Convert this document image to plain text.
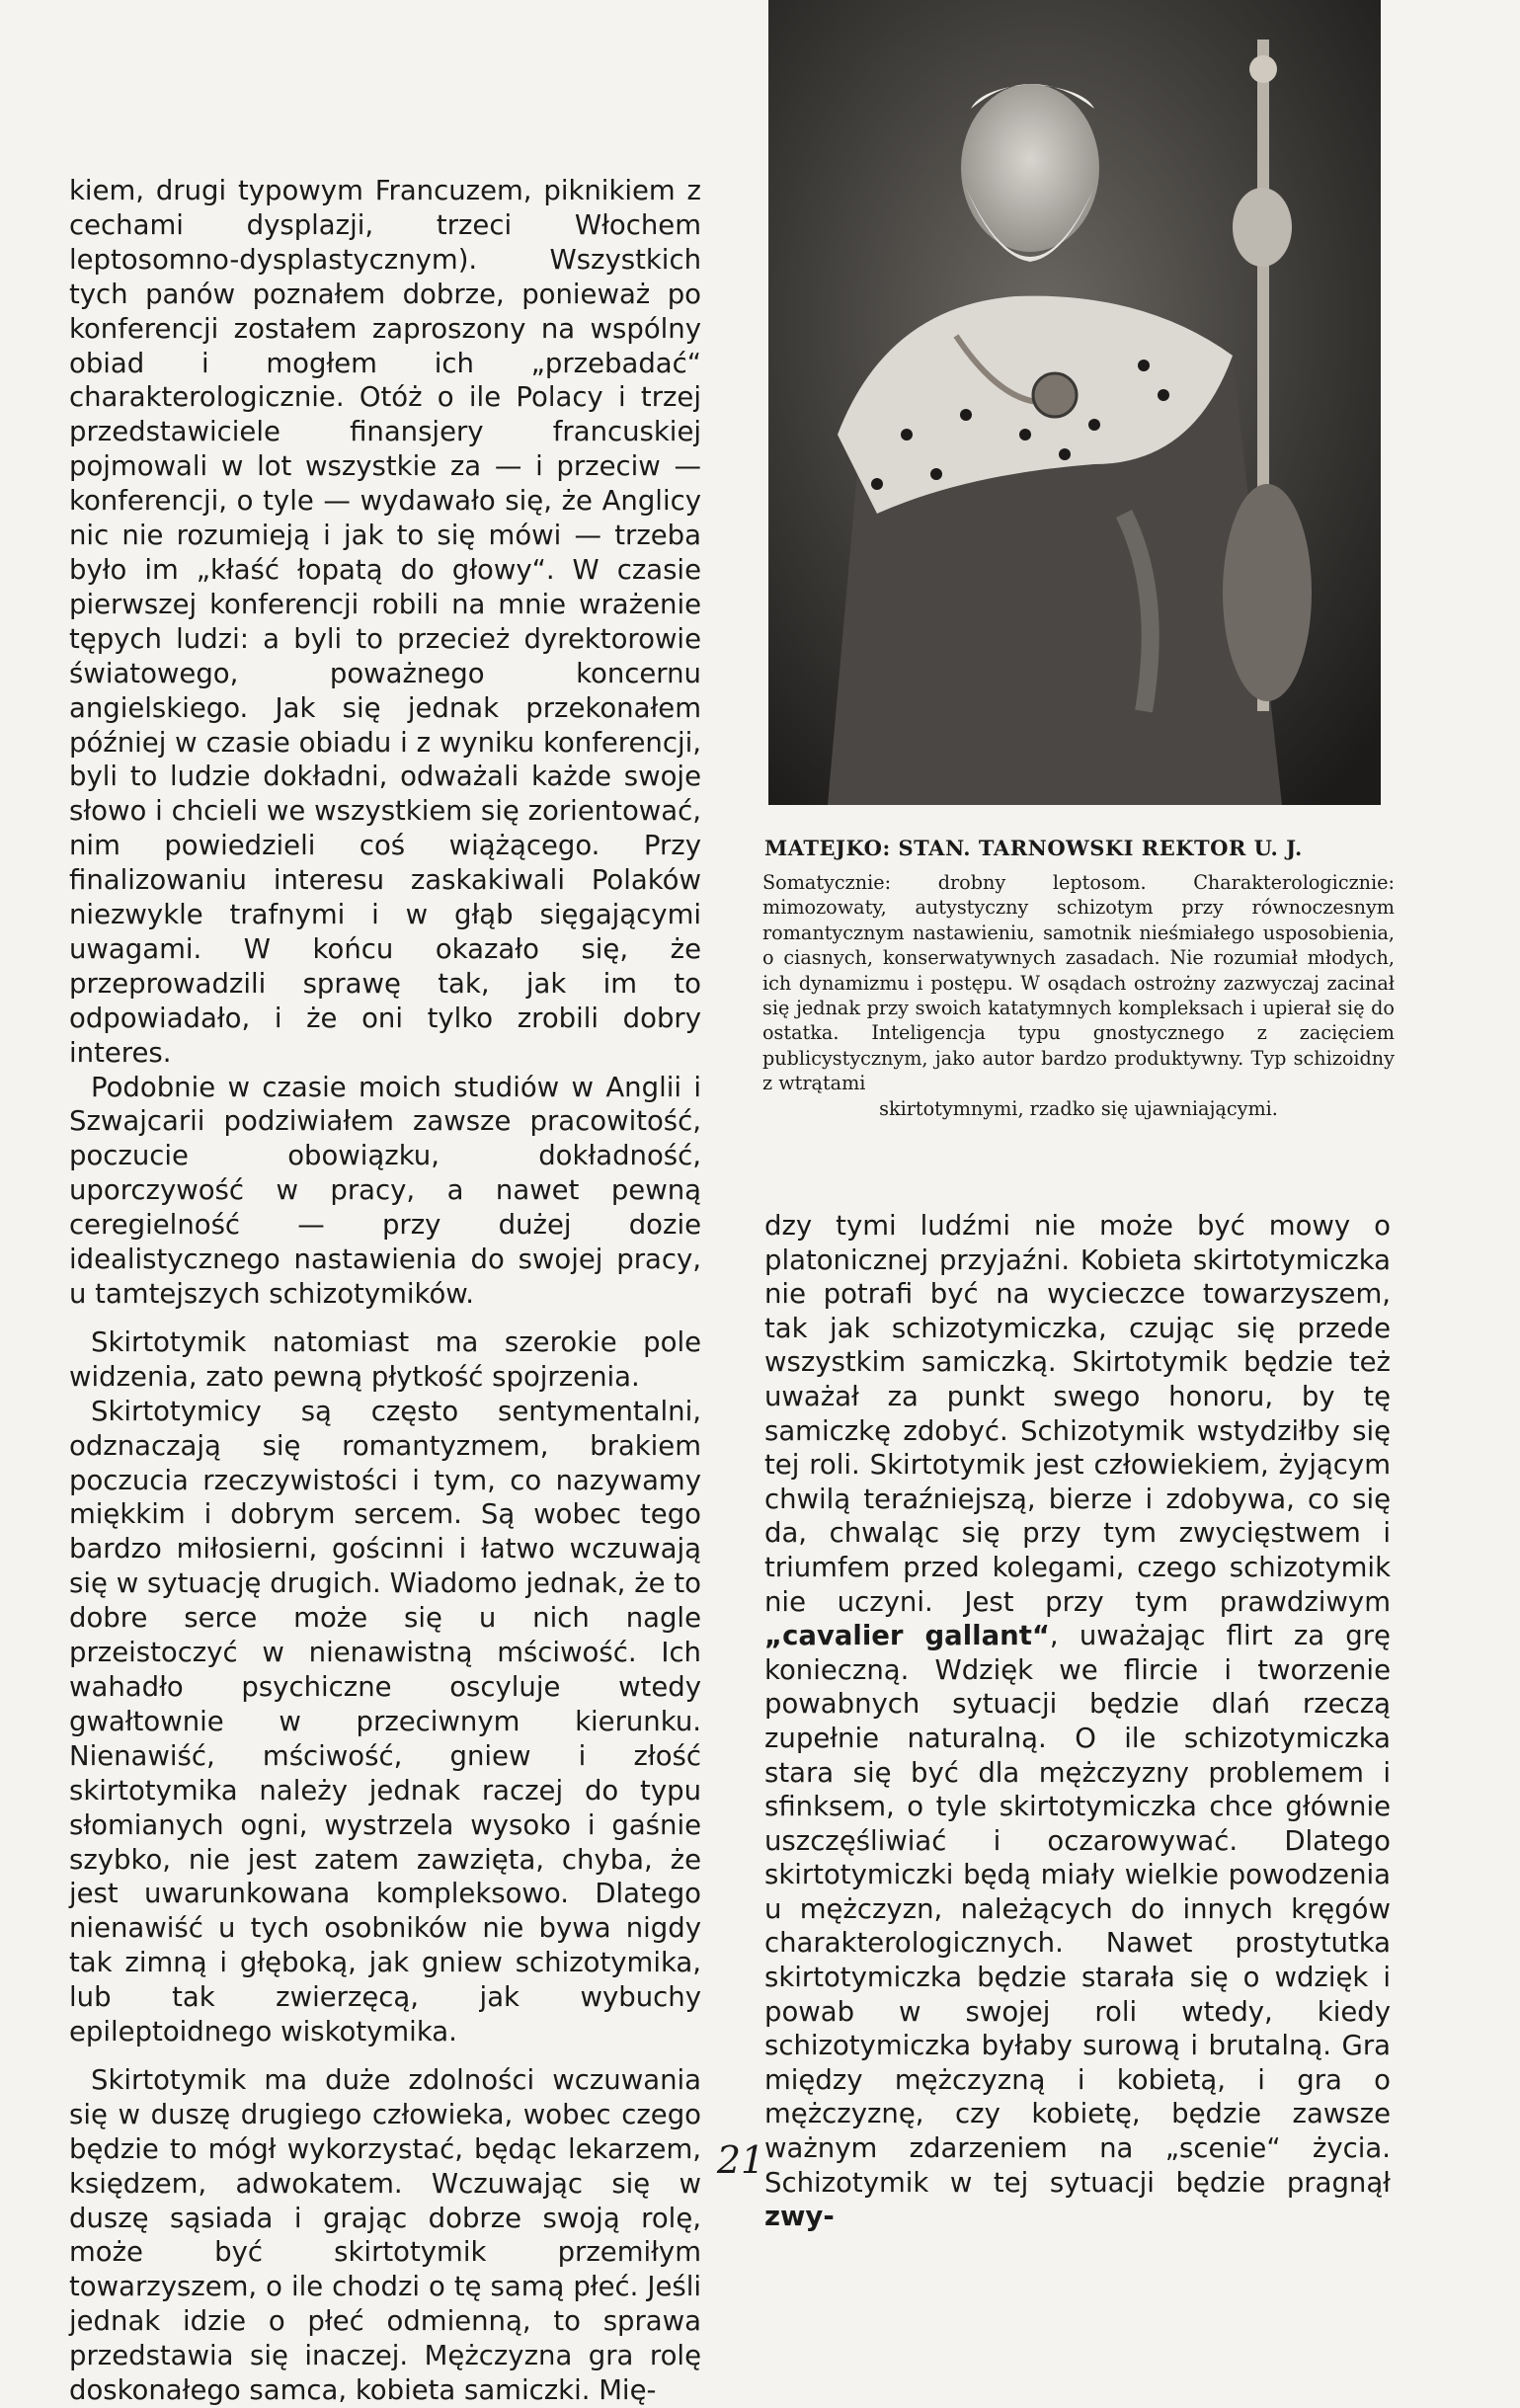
kiem, drugi typowym Francuzem, piknikiem z cechami dysplazji, trzeci Włochem leptosomno-dysplastycznym). Wszystkich tych panów poznałem dobrze, ponieważ po konferencji zostałem zaproszony na wspólny obiad i mogłem ich „przebadać“ charakterologicznie. Otóż o ile Polacy i trzej przedstawiciele finansjery francuskiej pojmowali w lot wszystkie za — i przeciw — konferencji, o tyle — wydawało się, że Anglicy nic nie rozumieją i jak to się mówi — trzeba było im „kłaść łopatą do głowy“. W czasie pierwszej konferencji robili na mnie wrażenie tępych ludzi: a byli to przecież dyrektorowie światowego, poważnego koncernu angielskiego. Jak się jednak przekonałem później w czasie obiadu i z wyniku konferencji, byli to ludzie dokładni, odważali każde swoje słowo i chcieli we wszystkiem się zorientować, nim powiedzieli coś wiążącego. Przy finalizowaniu interesu zaskakiwali Polaków niezwykle trafnymi i w głąb sięgającymi uwagami. W końcu okazało się, że przeprowadzili sprawę tak, jak im to odpowiadało, i że oni tylko zrobili dobry interes.

Podobnie w czasie moich studiów w Anglii i Szwajcarii podziwiałem zawsze pracowitość, poczucie obowiązku, dokładność, uporczywość w pracy, a nawet pewną ceregielność — przy dużej dozie idealistycznego nastawienia do swojej pracy, u tamtejszych schizotymików.

Skirtotymik natomiast ma szerokie pole widzenia, zato pewną płytkość spojrzenia.

Skirtotymicy są często sentymentalni, odznaczają się romantyzmem, brakiem poczucia rzeczywistości i tym, co nazywamy miękkim i dobrym sercem. Są wobec tego bardzo miłosierni, gościnni i łatwo wczuwają się w sytuację drugich. Wiadomo jednak, że to dobre serce może się u nich nagle przeistoczyć w nienawistną mściwość. Ich wahadło psychiczne oscyluje wtedy gwałtownie w przeciwnym kierunku. Nienawiść, mściwość, gniew i złość skirtotymika należy jednak raczej do typu słomianych ogni, wystrzela wysoko i gaśnie szybko, nie jest zatem zawzięta, chyba, że jest uwarunkowana kompleksowo. Dlatego nienawiść u tych osobników nie bywa nigdy tak zimną i głęboką, jak gniew schizotymika, lub tak zwierzęcą, jak wybuchy epileptoidnego wiskotymika.

Skirtotymik ma duże zdolności wczuwania się w duszę drugiego człowieka, wobec czego będzie to mógł wykorzystać, będąc lekarzem, księdzem, adwokatem. Wczuwając się w duszę sąsiada i grając dobrze swoją rolę, może być skirtotymik przemiłym towarzyszem, o ile chodzi o tę samą płeć. Jeśli jednak idzie o płeć odmienną, to sprawa przedstawia się inaczej. Mężczyzna gra rolę doskonałego samca, kobieta samiczki. Mię-

MATEJKO: STAN. TARNOWSKI REKTOR U. J.

Somatycznie: drobny leptosom. Charakterologicznie: mimozowaty, autystyczny schizotym przy równoczesnym romantycznym nastawieniu, samotnik nieśmiałego usposobienia, o ciasnych, konserwatywnych zasadach. Nie rozumiał młodych, ich dynamizmu i postępu. W osądach ostrożny zazwyczaj zacinał się jednak przy swoich katatymnych kompleksach i upierał się do ostatka. Inteligencja typu gnostycznego z zacięciem publicystycznym, jako autor bardzo produktywny. Typ schizoidny z wtrątami
skirtotymnymi, rzadko się ujawniającymi.

dzy tymi ludźmi nie może być mowy o platonicznej przyjaźni. Kobieta skirtotymiczka nie potrafi być na wycieczce towarzyszem, tak jak schizotymiczka, czując się przede wszystkim samiczką. Skirtotymik będzie też uważał za punkt swego honoru, by tę samiczkę zdobyć. Schizotymik wstydziłby się tej roli. Skirtotymik jest człowiekiem, żyjącym chwilą teraźniejszą, bierze i zdobywa, co się da, chwaląc się przy tym zwycięstwem i triumfem przed kolegami, czego schizotymik nie uczyni. Jest przy tym prawdziwym „cavalier gallant“, uważając flirt za grę konieczną. Wdzięk we flircie i tworzenie powabnych sytuacji będzie dlań rzeczą zupełnie naturalną. O ile schizotymiczka stara się być dla mężczyzny problemem i sfinksem, o tyle skirtotymiczka chce głównie uszczęśliwiać i oczarowywać. Dlatego skirtotymiczki będą miały wielkie powodzenia u mężczyzn, należących do innych kręgów charakterologicznych. Nawet prostytutka skirtotymiczka będzie starała się o wdzięk i powab w swojej roli wtedy, kiedy schizotymiczka byłaby surową i brutalną. Gra między mężczyzną i kobietą, i gra o mężczyznę, czy kobietę, będzie zawsze ważnym zdarzeniem na „scenie“ życia. Schizotymik w tej sytuacji będzie pragnął zwy-

21
